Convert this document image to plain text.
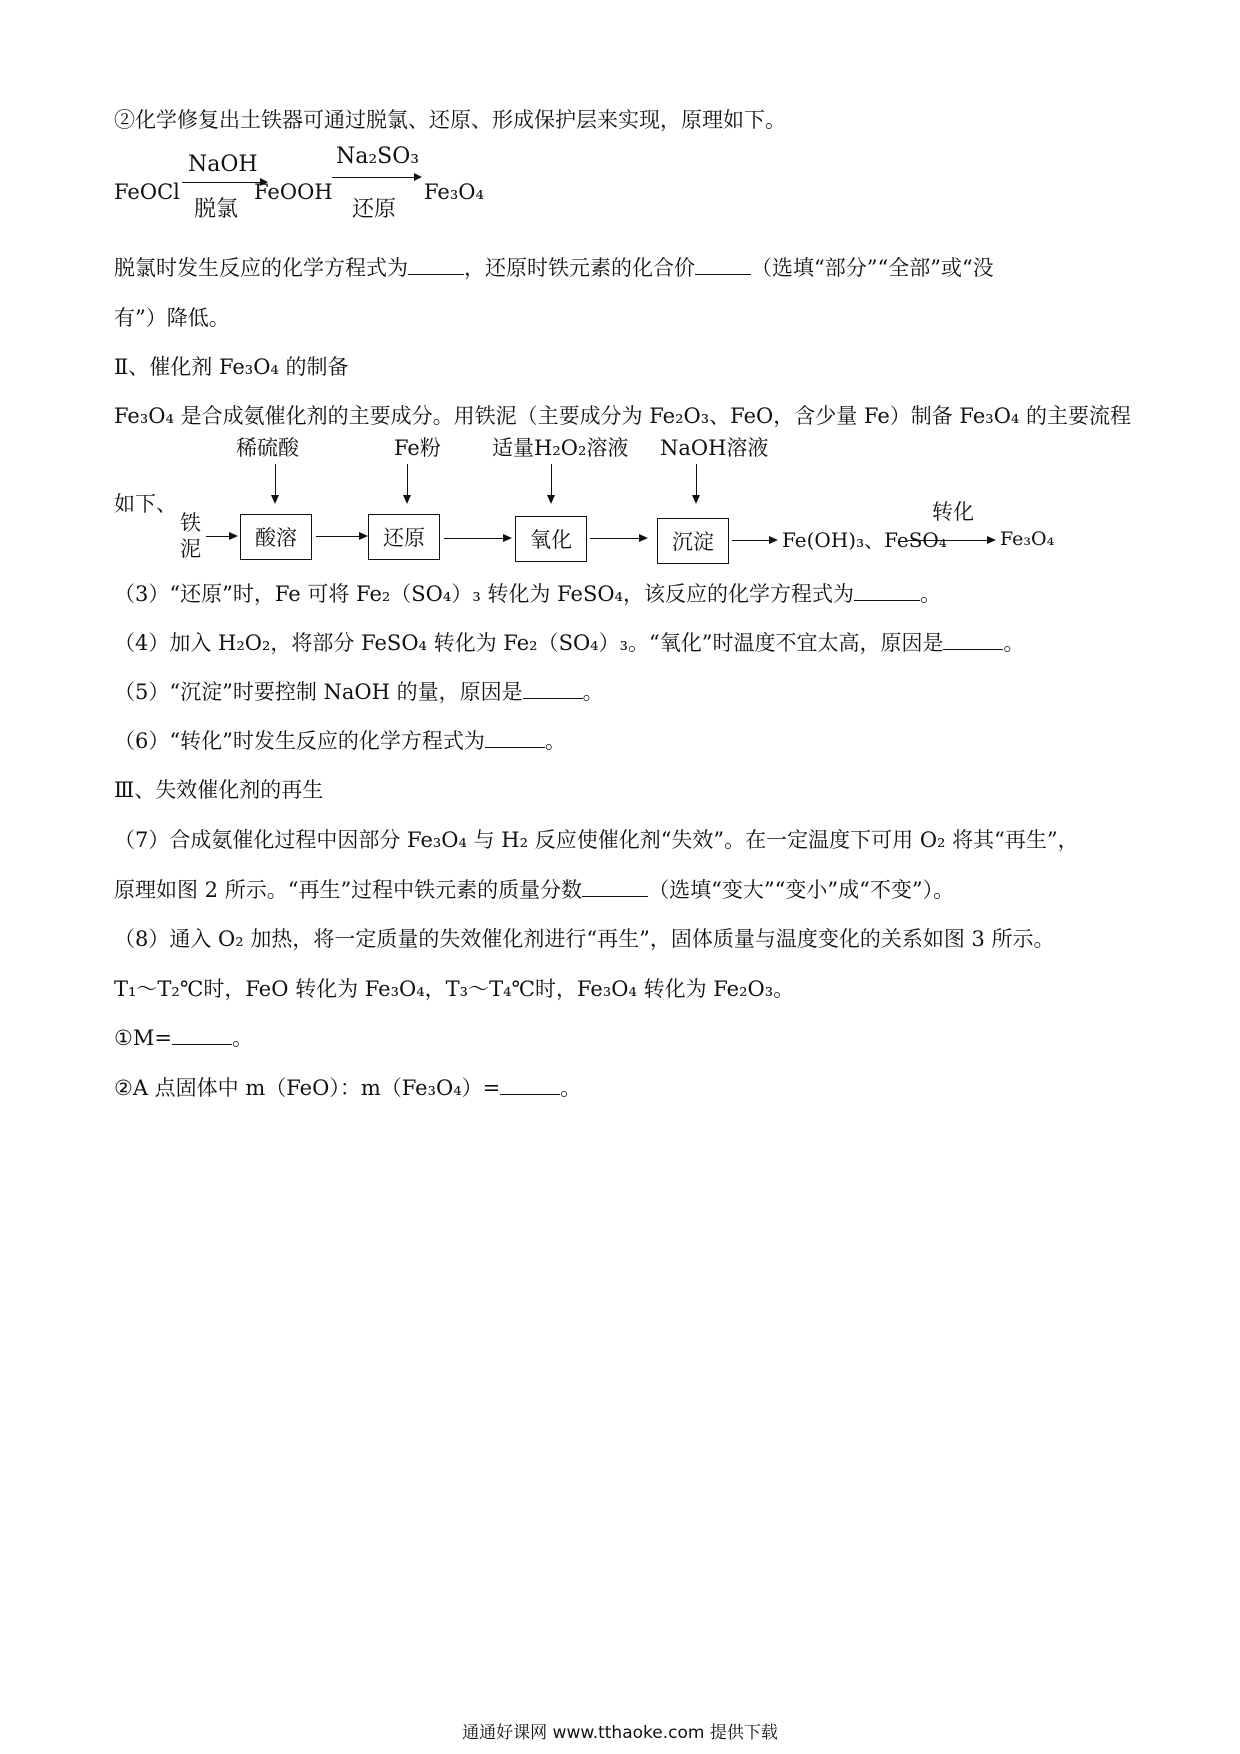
②化学修复出土铁器可通过脱氯、还原、形成保护层来实现，原理如下。
FeOCl
NaOH
脱氯
FeOOH
Na₂SO₃
还原
Fe₃O₄
脱氯时发生反应的化学方程式为	，还原时铁元素的化合价	（选填“部分”“全部”或“没
有”）降低。
Ⅱ、催化剂 Fe₃O₄ 的制备
Fe₃O₄ 是合成氨催化剂的主要成分。用铁泥（主要成分为 Fe₂O₃、FeO，含少量 Fe）制备 Fe₃O₄ 的主要流程
如下、
稀硫酸	Fe粉 适量H₂O₂溶液 NaOH溶液
铁泥	酸溶	还原	氧化	沉淀	Fe(OH)₃、FeSO₄
转化
Fe₃O₄
（3）“还原”时，Fe 可将 Fe₂（SO₄）₃ 转化为 FeSO₄，该反应的化学方程式为	。
（4）加入 H₂O₂，将部分 FeSO₄ 转化为 Fe₂（SO₄）₃。“氧化”时温度不宜太高，原因是	。
（5）“沉淀”时要控制 NaOH 的量，原因是	。
（6）“转化”时发生反应的化学方程式为	。
Ⅲ、失效催化剂的再生
（7）合成氨催化过程中因部分 Fe₃O₄ 与 H₂ 反应使催化剂“失效”。在一定温度下可用 O₂ 将其“再生”，
原理如图 2 所示。“再生”过程中铁元素的质量分数	（选填“变大”“变小”成“不变”）。
（8）通入 O₂ 加热，将一定质量的失效催化剂进行“再生”，固体质量与温度变化的关系如图 3 所示。
T₁～T₂℃时，FeO 转化为 Fe₃O₄，T₃～T₄℃时，Fe₃O₄ 转化为 Fe₂O₃。
①M=	。
②A 点固体中 m（FeO）：m（Fe₃O₄）=	。
通通好课网 www.tthaoke.com 提供下载
